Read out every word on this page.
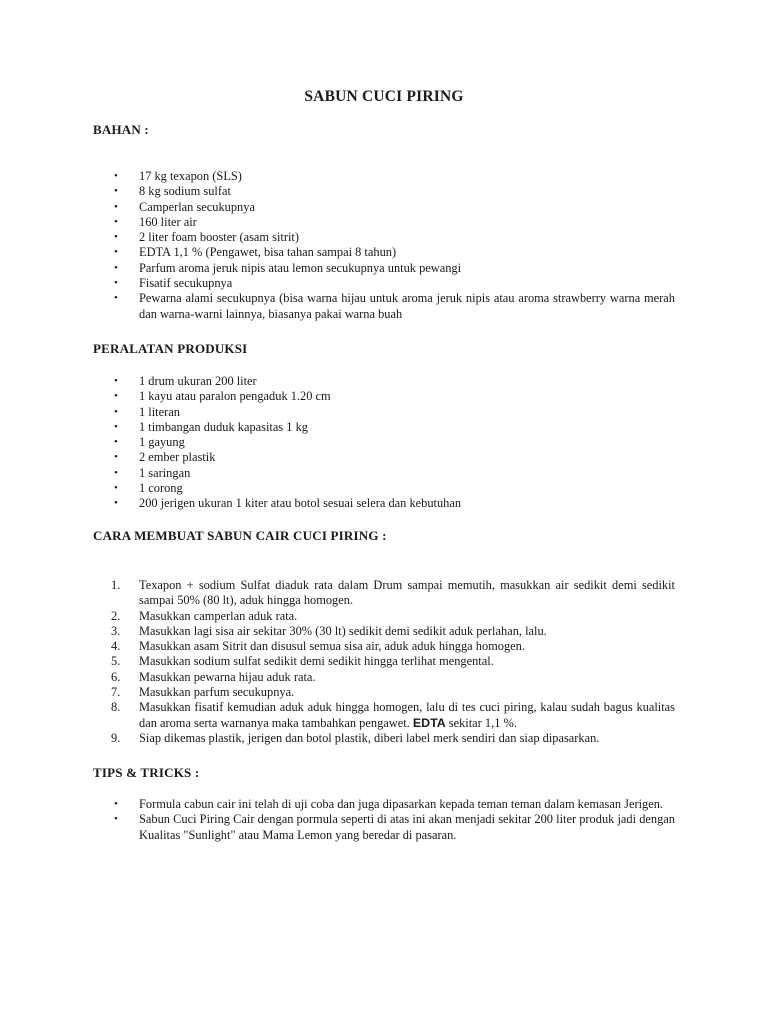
SABUN CUCI PIRING
BAHAN :
• 17 kg texapon (SLS)
• 8 kg sodium sulfat
• Camperlan secukupnya
• 160 liter air
• 2 liter foam booster (asam sitrit)
• EDTA 1,1 % (Pengawet, bisa tahan sampai 8 tahun)
• Parfum aroma jeruk nipis atau lemon secukupnya untuk pewangi
• Fisatif secukupnya
• Pewarna alami secukupnya (bisa warna hijau untuk aroma jeruk nipis atau aroma strawberry warna merah dan warna-warni lainnya, biasanya pakai warna buah
PERALATAN PRODUKSI
• 1 drum ukuran 200 liter
• 1 kayu atau paralon pengaduk 1.20 cm
• 1 literan
• 1 timbangan duduk kapasitas 1 kg
• 1 gayung
• 2 ember plastik
• 1 saringan
• 1 corong
• 200 jerigen ukuran 1 kiter atau botol sesuai selera dan kebutuhan
CARA MEMBUAT SABUN CAIR CUCI PIRING :
1. Texapon + sodium Sulfat diaduk rata dalam Drum sampai memutih, masukkan air sedikit demi sedikit sampai 50% (80 lt), aduk hingga homogen.
2. Masukkan camperlan aduk rata.
3. Masukkan lagi sisa air sekitar 30% (30 lt) sedikit demi sedikit aduk perlahan, lalu.
4. Masukkan asam Sitrit dan disusul semua sisa air, aduk aduk hingga homogen.
5. Masukkan sodium sulfat sedikit demi sedikit hingga terlihat mengental.
6. Masukkan pewarna hijau aduk rata.
7. Masukkan parfum secukupnya.
8. Masukkan fisatif kemudian aduk aduk hingga homogen, lalu di tes cuci piring, kalau sudah bagus kualitas dan aroma serta warnanya maka tambahkan pengawet. EDTA sekitar 1,1 %.
9. Siap dikemas plastik, jerigen dan botol plastik, diberi label merk sendiri dan siap dipasarkan.
TIPS & TRICKS :
• Formula cabun cair ini telah di uji coba dan juga dipasarkan kepada teman teman dalam kemasan Jerigen.
• Sabun Cuci Piring Cair dengan pormula seperti di atas ini akan menjadi sekitar 200 liter produk jadi dengan Kualitas "Sunlight" atau Mama Lemon yang beredar di pasaran.
